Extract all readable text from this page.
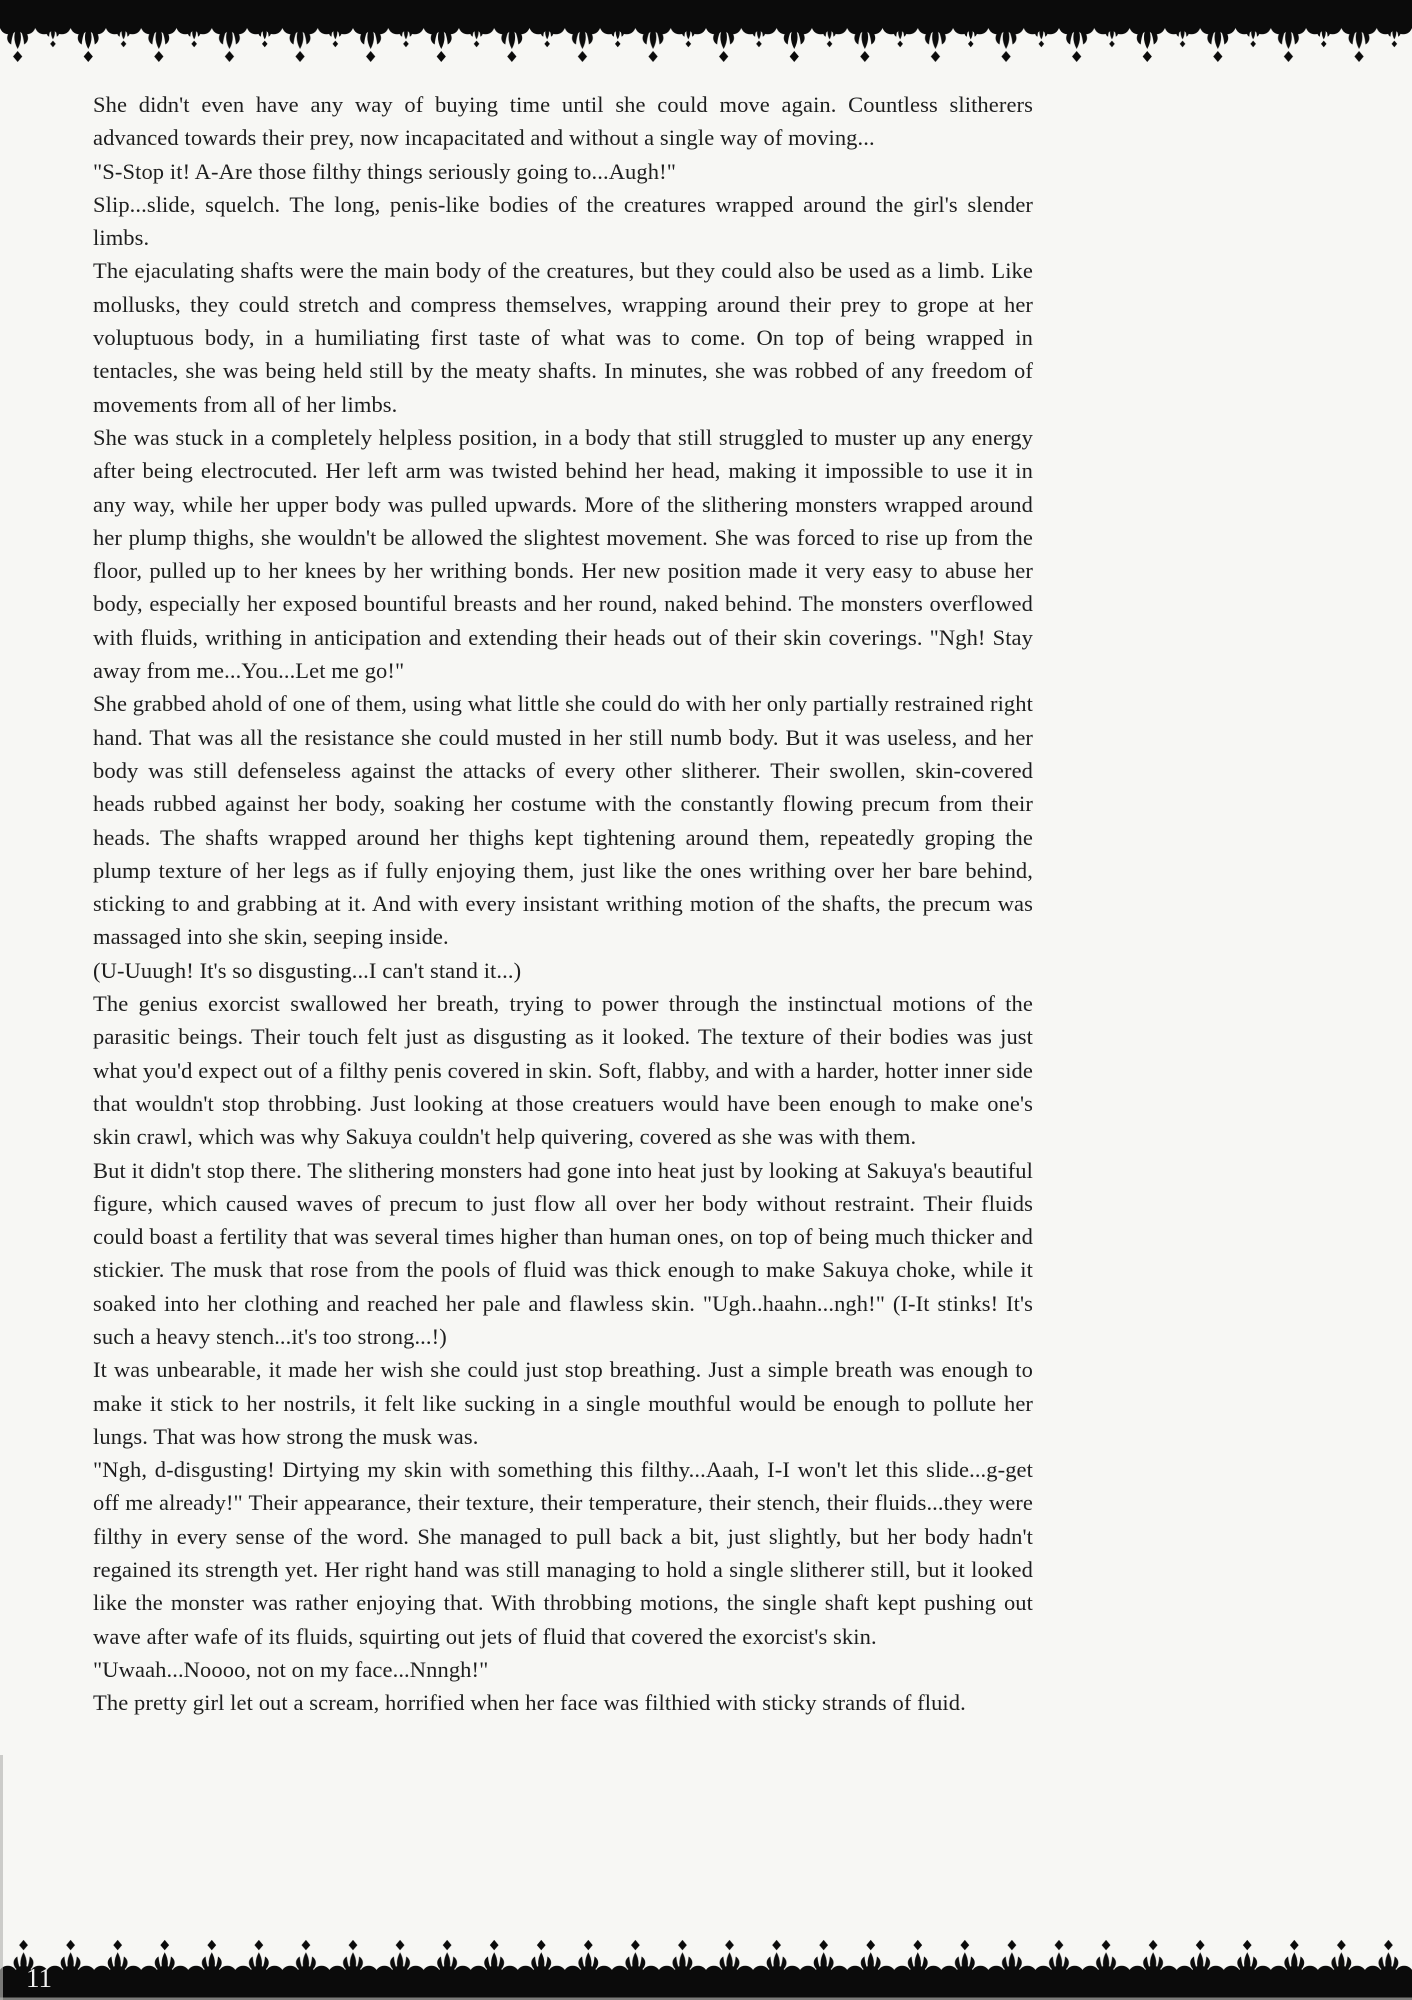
She didn't even have any way of buying time until she could move again. Countless slitherers advanced towards their prey, now incapacitated and without a single way of moving...

"S-Stop it! A-Are those filthy things seriously going to...Augh!"

Slip...slide, squelch. The long, penis-like bodies of the creatures wrapped around the girl's slender limbs.

The ejaculating shafts were the main body of the creatures, but they could also be used as a limb. Like mollusks, they could stretch and compress themselves, wrapping around their prey to grope at her voluptuous body, in a humiliating first taste of what was to come. On top of being wrapped in tentacles, she was being held still by the meaty shafts. In minutes, she was robbed of any freedom of movements from all of her limbs.

She was stuck in a completely helpless position, in a body that still struggled to muster up any energy after being electrocuted. Her left arm was twisted behind her head, making it impossible to use it in any way, while her upper body was pulled upwards. More of the slithering monsters wrapped around her plump thighs, she wouldn't be allowed the slightest movement. She was forced to rise up from the floor, pulled up to her knees by her writhing bonds. Her new position made it very easy to abuse her body, especially her exposed bountiful breasts and her round, naked behind. The monsters overflowed with fluids, writhing in anticipation and extending their heads out of their skin coverings. "Ngh! Stay away from me...You...Let me go!"

She grabbed ahold of one of them, using what little she could do with her only partially restrained right hand. That was all the resistance she could musted in her still numb body. But it was useless, and her body was still defenseless against the attacks of every other slitherer. Their swollen, skin-covered heads rubbed against her body, soaking her costume with the constantly flowing precum from their heads. The shafts wrapped around her thighs kept tightening around them, repeatedly groping the plump texture of her legs as if fully enjoying them, just like the ones writhing over her bare behind, sticking to and grabbing at it. And with every insistant writhing motion of the shafts, the precum was massaged into she skin, seeping inside.

(U-Uuugh! It's so disgusting...I can't stand it...)

The genius exorcist swallowed her breath, trying to power through the instinctual motions of the parasitic beings. Their touch felt just as disgusting as it looked. The texture of their bodies was just what you'd expect out of a filthy penis covered in skin. Soft, flabby, and with a harder, hotter inner side that wouldn't stop throbbing. Just looking at those creatuers would have been enough to make one's skin crawl, which was why Sakuya couldn't help quivering, covered as she was with them.

But it didn't stop there. The slithering monsters had gone into heat just by looking at Sakuya's beautiful figure, which caused waves of precum to just flow all over her body without restraint. Their fluids could boast a fertility that was several times higher than human ones, on top of being much thicker and stickier. The musk that rose from the pools of fluid was thick enough to make Sakuya choke, while it soaked into her clothing and reached her pale and flawless skin. "Ugh..haahn...ngh!" (I-It stinks! It's such a heavy stench...it's too strong...!)

It was unbearable, it made her wish she could just stop breathing. Just a simple breath was enough to make it stick to her nostrils, it felt like sucking in a single mouthful would be enough to pollute her lungs. That was how strong the musk was.

"Ngh, d-disgusting! Dirtying my skin with something this filthy...Aaah, I-I won't let this slide...g-get off me already!" Their appearance, their texture, their temperature, their stench, their fluids...they were filthy in every sense of the word. She managed to pull back a bit, just slightly, but her body hadn't regained its strength yet. Her right hand was still managing to hold a single slitherer still, but it looked like the monster was rather enjoying that. With throbbing motions, the single shaft kept pushing out wave after wafe of its fluids, squirting out jets of fluid that covered the exorcist's skin.

"Uwaah...Noooo, not on my face...Nnngh!"

The pretty girl let out a scream, horrified when her face was filthied with sticky strands of fluid.

11
